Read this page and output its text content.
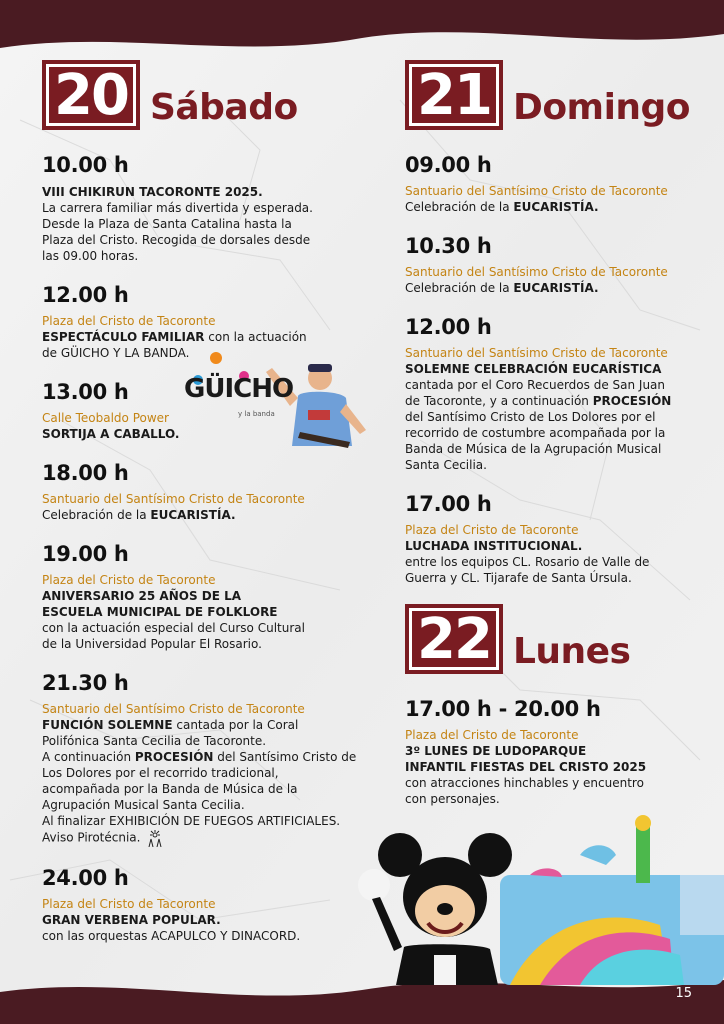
20 Sábado
10.00 h
VIII CHIKIRUN TACORONTE 2025.
La carrera familiar más divertida y esperada.
Desde la Plaza de Santa Catalina hasta la
Plaza del Cristo. Recogida de dorsales desde
las 09.00 horas.
12.00 h
Plaza del Cristo de Tacoronte
ESPECTÁCULO FAMILIAR con la actuación
de GÜICHO Y LA BANDA.
13.00 h
Calle Teobaldo Power
SORTIJA A CABALLO.
18.00 h
Santuario del Santísimo Cristo de Tacoronte
Celebración de la EUCARISTÍA.
19.00 h
Plaza del Cristo de Tacoronte
ANIVERSARIO 25 AÑOS DE LA
ESCUELA MUNICIPAL DE FOLKLORE
con la actuación especial del Curso Cultural
de la Universidad Popular El Rosario.
21.30 h
Santuario del Santísimo Cristo de Tacoronte
FUNCIÓN SOLEMNE cantada por la Coral
Polifónica Santa Cecilia de Tacoronte.
A continuación PROCESIÓN del Santísimo Cristo de
Los Dolores por el recorrido tradicional,
acompañada por la Banda de Música de la
Agrupación Musical Santa Cecilia.
Al finalizar EXHIBICIÓN DE FUEGOS ARTIFICIALES.
Aviso Pirotécnia.
24.00 h
Plaza del Cristo de Tacoronte
GRAN VERBENA POPULAR.
con las orquestas ACAPULCO Y DINACORD.
GÜICHO
y la banda
21 Domingo
09.00 h
Santuario del Santísimo Cristo de Tacoronte
Celebración de la EUCARISTÍA.
10.30 h
Santuario del Santísimo Cristo de Tacoronte
Celebración de la EUCARISTÍA.
12.00 h
Santuario del Santísimo Cristo de Tacoronte
SOLEMNE CELEBRACIÓN EUCARÍSTICA
cantada por el Coro Recuerdos de San Juan
de Tacoronte, y a continuación PROCESIÓN
del Santísimo Cristo de Los Dolores por el
recorrido de costumbre acompañada por la
Banda de Música de la Agrupación Musical
Santa Cecilia.
17.00 h
Plaza del Cristo de Tacoronte
LUCHADA INSTITUCIONAL.
entre los equipos CL. Rosario de Valle de
Guerra y CL. Tijarafe de Santa Úrsula.
22 Lunes
17.00 h - 20.00 h
Plaza del Cristo de Tacoronte
3º LUNES DE LUDOPARQUE
INFANTIL FIESTAS DEL CRISTO 2025
con atracciones hinchables y encuentro
con personajes.
15
